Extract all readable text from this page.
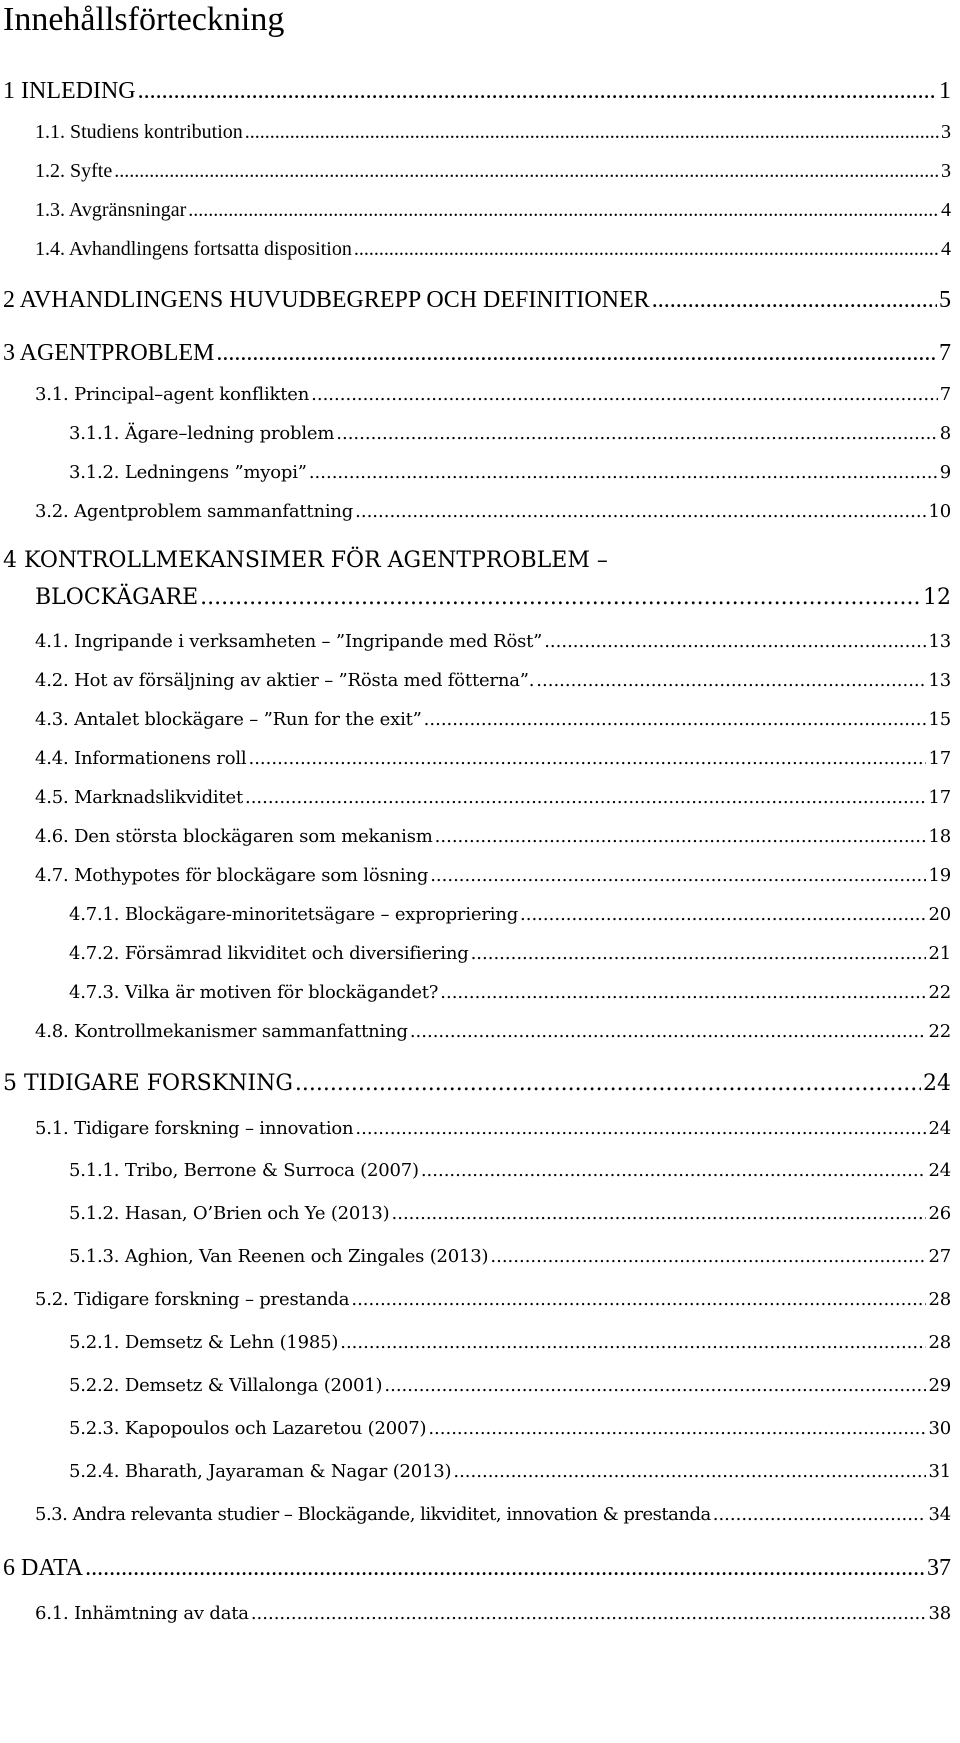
Innehållsförteckning
1 INLEDING .....	1
1.1. Studiens kontribution .....	3
1.2. Syfte .....	3
1.3. Avgränsningar .....	4
1.4. Avhandlingens fortsatta disposition .....	4
2 AVHANDLINGENS HUVUDBEGREPP OCH DEFINITIONER .....	5
3 AGENTPROBLEM .....	7
3.1. Principal–agent konflikten .....	7
3.1.1. Ägare–ledning problem .....	8
3.1.2. Ledningens ”myopi” .....	9
3.2. Agentproblem sammanfattning .....	10
4 KONTROLLMEKANSIMER FÖR AGENTPROBLEM –
BLOCKÄGARE .....	12
4.1. Ingripande i verksamheten – ”Ingripande med Röst” .....	13
4.2. Hot av försäljning av aktier – ”Rösta med fötterna”. .....	13
4.3. Antalet blockägare – ”Run for the exit” .....	15
4.4. Informationens roll .....	17
4.5. Marknadslikviditet .....	17
4.6. Den största blockägaren som mekanism .....	18
4.7. Mothypotes för blockägare som lösning .....	19
4.7.1. Blockägare-minoritetsägare – expropriering .....	20
4.7.2. Försämrad likviditet och diversifiering .....	21
4.7.3. Vilka är motiven för blockägandet? .....	22
4.8. Kontrollmekanismer sammanfattning .....	22
5 TIDIGARE FORSKNING .....	24
5.1. Tidigare forskning – innovation .....	24
5.1.1. Tribo, Berrone & Surroca (2007) .....	24
5.1.2. Hasan, O’Brien och Ye (2013) .....	26
5.1.3. Aghion, Van Reenen och Zingales (2013) .....	27
5.2. Tidigare forskning – prestanda .....	28
5.2.1. Demsetz & Lehn (1985) .....	28
5.2.2. Demsetz & Villalonga (2001) .....	29
5.2.3. Kapopoulos och Lazaretou (2007) .....	30
5.2.4. Bharath, Jayaraman & Nagar (2013) .....	31
5.3. Andra relevanta studier – Blockägande, likviditet, innovation & prestanda .....	34
6 DATA .....	37
6.1. Inhämtning av data .....	38
